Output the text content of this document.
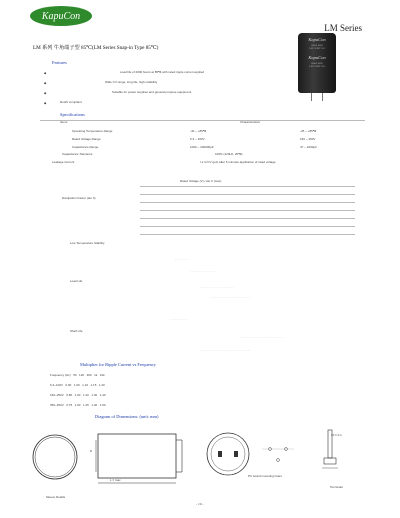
KapuCon
LM Series
LM 系列 牛角端子型 85℃(LM Series Snap-in Type 85℃)
KapuCon
180uF 450V
LM 1V2BT 181
KapuCon
180uF 450V
LM 1V2BT 181
Features
◆	Load life of 2000 hours at 85℃ with rated ripple current applied
◆	Wide CV range, long life, high reliability
◆	Suitable for power supplies and general purpose equipment
◆	RoHS compliant
Specifications
Items	Characteristics
Operating Temperature Range	-40 ~ +85℃	-25 ~ +85℃
Rated Voltage Range	6.3 ~ 100V	160 ~ 450V
Capacitance Range	1000 ~ 100000μF	47 ~ 2200μF
Capacitance Tolerance	±20% (120Hz, 20℃)
Leakage Current	I ≤ 3√CV (μA) after 5 minutes application of rated voltage
Dissipation Factor (tan δ)
Rated Voltage (V) / tan δ (max)
Low Temperature Stability
Load Life
Shelf Life
· · · · · · · ·
· · · · · · · · · · · · · ·
· · · · · · · · · · · · · · · · · · ·
· · · · · · · · · · · · · · · · · · · · · ·
· · · · · · · · · ·
· · · · · · · · · · · · · · · · · · · · · · · ·
· · · · · · · · · · · · · · · · · · · · · · · · · · · ·
Multiplier for Ripple Current vs Frequency
Frequency (Hz) 50 120 300 1k 10k
6.3~100V 0.90 1.00 1.10 1.15 1.20
160~250V 0.80 1.00 1.20 1.30 1.40
350~450V 0.75 1.00 1.25 1.40 1.50
Diagram of Dimensions: (unit: mm)
Sleeve Details
L ± max
D
PC board mounting holes
10 ± 0.1
Terminals
- 19 -
